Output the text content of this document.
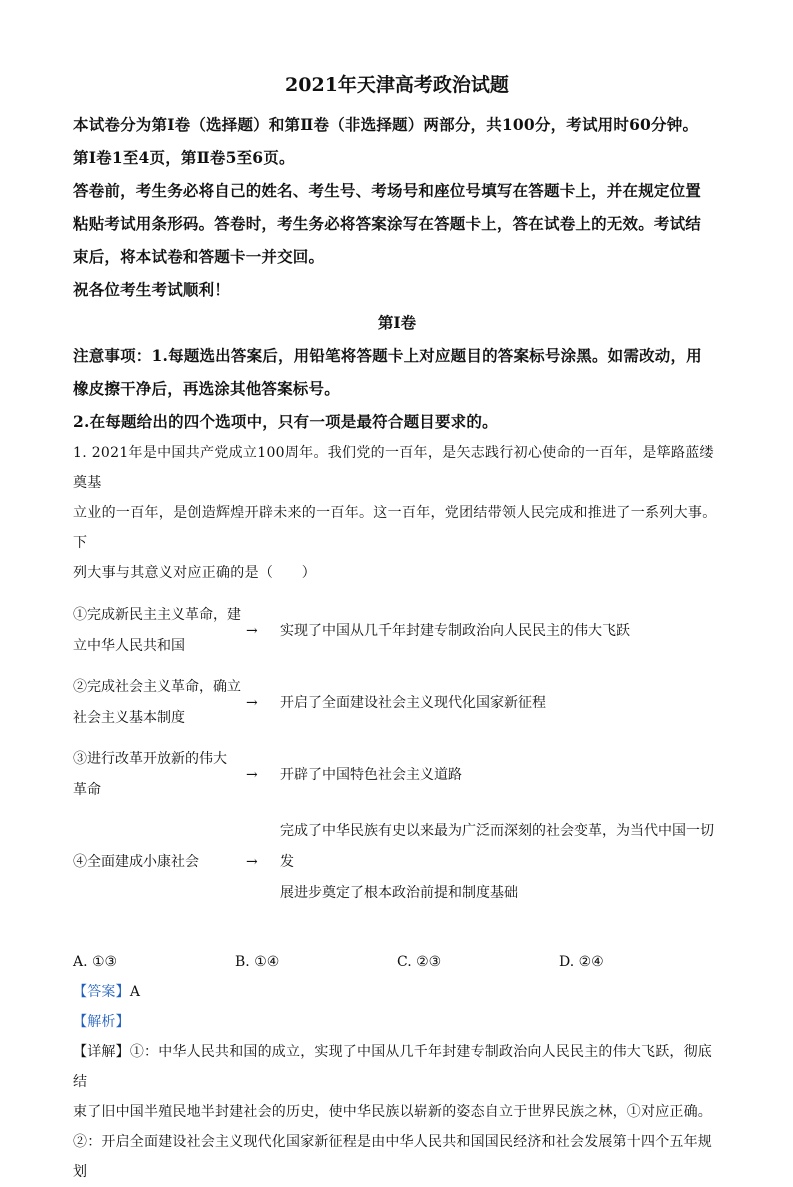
2021年天津高考政治试题

本试卷分为第Ⅰ卷（选择题）和第Ⅱ卷（非选择题）两部分，共100分，考试用时60分钟。

第Ⅰ卷1至4页，第Ⅱ卷5至6页。

答卷前，考生务必将自己的姓名、考生号、考场号和座位号填写在答题卡上，并在规定位置

粘贴考试用条形码。答卷时，考生务必将答案涂写在答题卡上，答在试卷上的无效。考试结

束后，将本试卷和答题卡一并交回。

祝各位考生考试顺利！

第Ⅰ卷

注意事项：1.每题选出答案后，用铅笔将答题卡上对应题目的答案标号涂黑。如需改动，用

橡皮擦干净后，再选涂其他答案标号。

2.在每题给出的四个选项中，只有一项是最符合题目要求的。

1. 2021年是中国共产党成立100周年。我们党的一百年，是矢志践行初心使命的一百年，是筚路蓝缕奠基

立业的一百年，是创造辉煌开辟未来的一百年。这一百年，党团结带领人民完成和推进了一系列大事。下

列大事与其意义对应正确的是（　　）

①完成新民主主义革命，建
立中华人民共和国	→	实现了中国从几千年封建专制政治向人民民主的伟大飞跃

②完成社会主义革命，确立
社会主义基本制度	→	开启了全面建设社会主义现代化国家新征程

③进行改革开放新的伟大
革命	→	开辟了中国特色社会主义道路

④全面建成小康社会	→	完成了中华民族有史以来最为广泛而深刻的社会变革，为当代中国一切发
展进步奠定了根本政治前提和制度基础
A. ①③	B. ①④	C. ②③	D. ②④

【答案】A

【解析】

【详解】①：中华人民共和国的成立，实现了中国从几千年封建专制政治向人民民主的伟大飞跃，彻底结

束了旧中国半殖民地半封建社会的历史，使中华民族以崭新的姿态自立于世界民族之林，①对应正确。

②：开启全面建设社会主义现代化国家新征程是由中华人民共和国国民经济和社会发展第十四个五年规划
